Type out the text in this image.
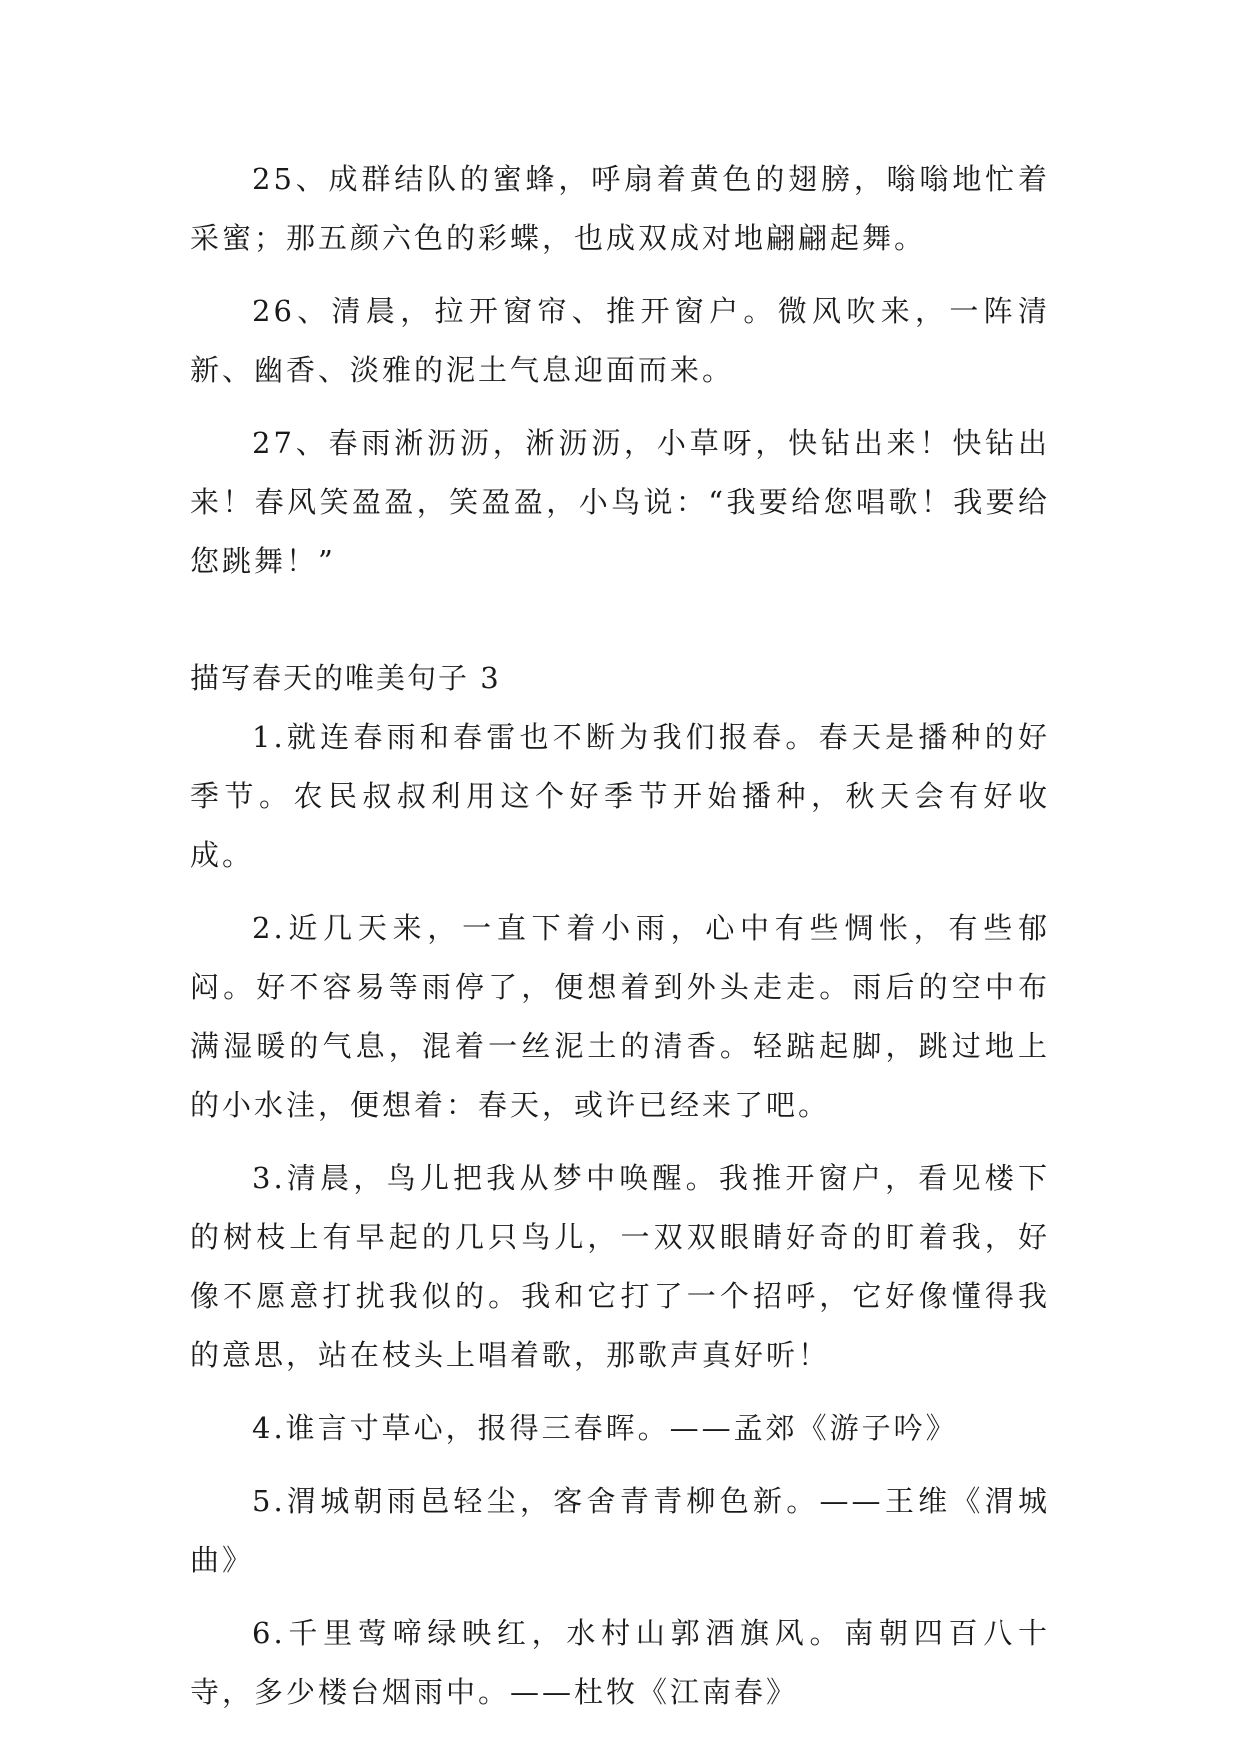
25、成群结队的蜜蜂，呼扇着黄色的翅膀，嗡嗡地忙着采蜜；那五颜六色的彩蝶，也成双成对地翩翩起舞。

26、清晨，拉开窗帘、推开窗户。微风吹来，一阵清新、幽香、淡雅的泥土气息迎面而来。

27、春雨淅沥沥，淅沥沥，小草呀，快钻出来！快钻出来！春风笑盈盈，笑盈盈，小鸟说：“我要给您唱歌！我要给您跳舞！”

描写春天的唯美句子 3

1.就连春雨和春雷也不断为我们报春。春天是播种的好季节。农民叔叔利用这个好季节开始播种，秋天会有好收成。

2.近几天来，一直下着小雨，心中有些惆怅，有些郁闷。好不容易等雨停了，便想着到外头走走。雨后的空中布满湿暖的气息，混着一丝泥土的清香。轻踮起脚，跳过地上的小水洼，便想着：春天，或许已经来了吧。

3.清晨，鸟儿把我从梦中唤醒。我推开窗户，看见楼下的树枝上有早起的几只鸟儿，一双双眼睛好奇的盯着我，好像不愿意打扰我似的。我和它打了一个招呼，它好像懂得我的意思，站在枝头上唱着歌，那歌声真好听！

4.谁言寸草心，报得三春晖。——孟郊《游子吟》

5.渭城朝雨邑轻尘，客舍青青柳色新。——王维《渭城曲》

6.千里莺啼绿映红，水村山郭酒旗风。南朝四百八十寺，多少楼台烟雨中。——杜牧《江南春》
